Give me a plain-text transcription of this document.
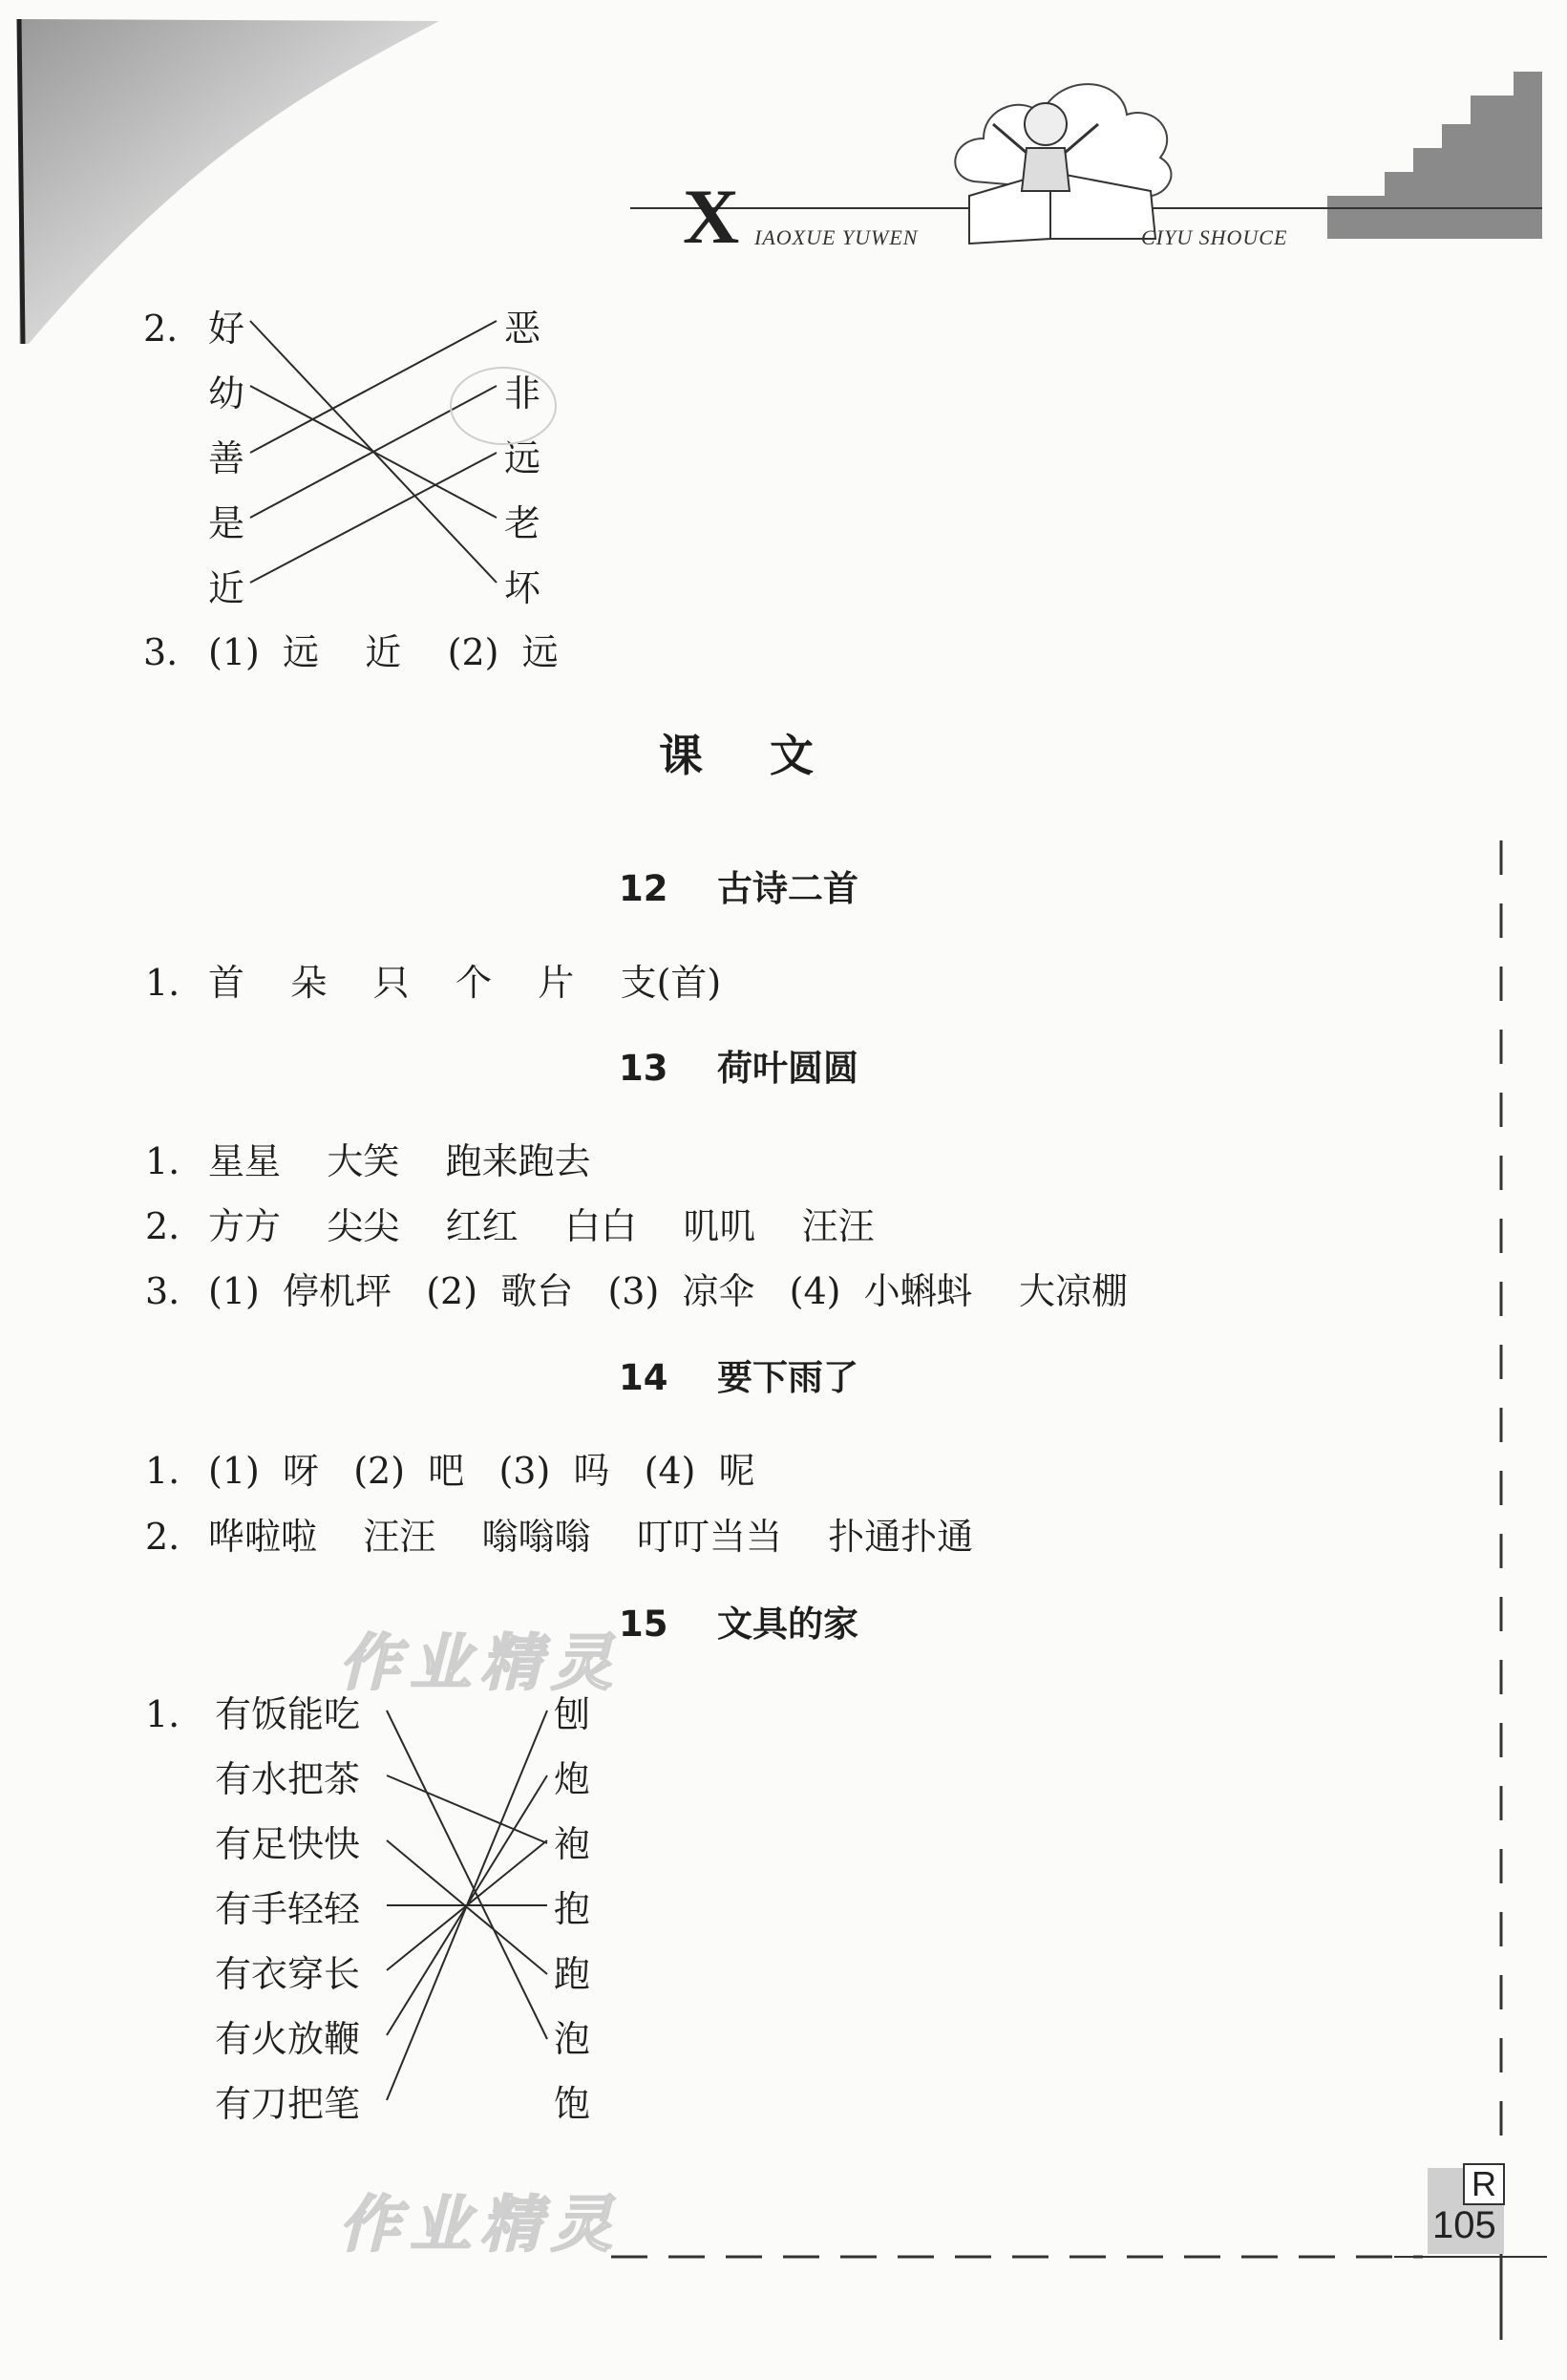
X IAOXUE YUWEN	CIYU SHOUCE
2. 好
幼
善
是
近
恶
非
远
老
坏
3. (1)  远    近    (2)  远
课文
12    古诗二首
1. 首    朵    只    个    片    支(首)
13    荷叶圆圆
1. 星星    大笑    跑来跑去
2. 方方    尖尖    红红    白白    叽叽    汪汪
3. (1)  停机坪   (2)  歌台   (3)  凉伞   (4)  小蝌蚪    大凉棚
14    要下雨了
1. (1)  呀   (2)  吧   (3)  吗   (4)  呢
2. 哗啦啦    汪汪    嗡嗡嗡    叮叮当当    扑通扑通
作业精灵
15    文具的家
1. 有饭能吃
有水把茶
有足快快
有手轻轻
有衣穿长
有火放鞭
有刀把笔
刨
炮
袍
抱
跑
泡
饱
作业精灵
R
105
